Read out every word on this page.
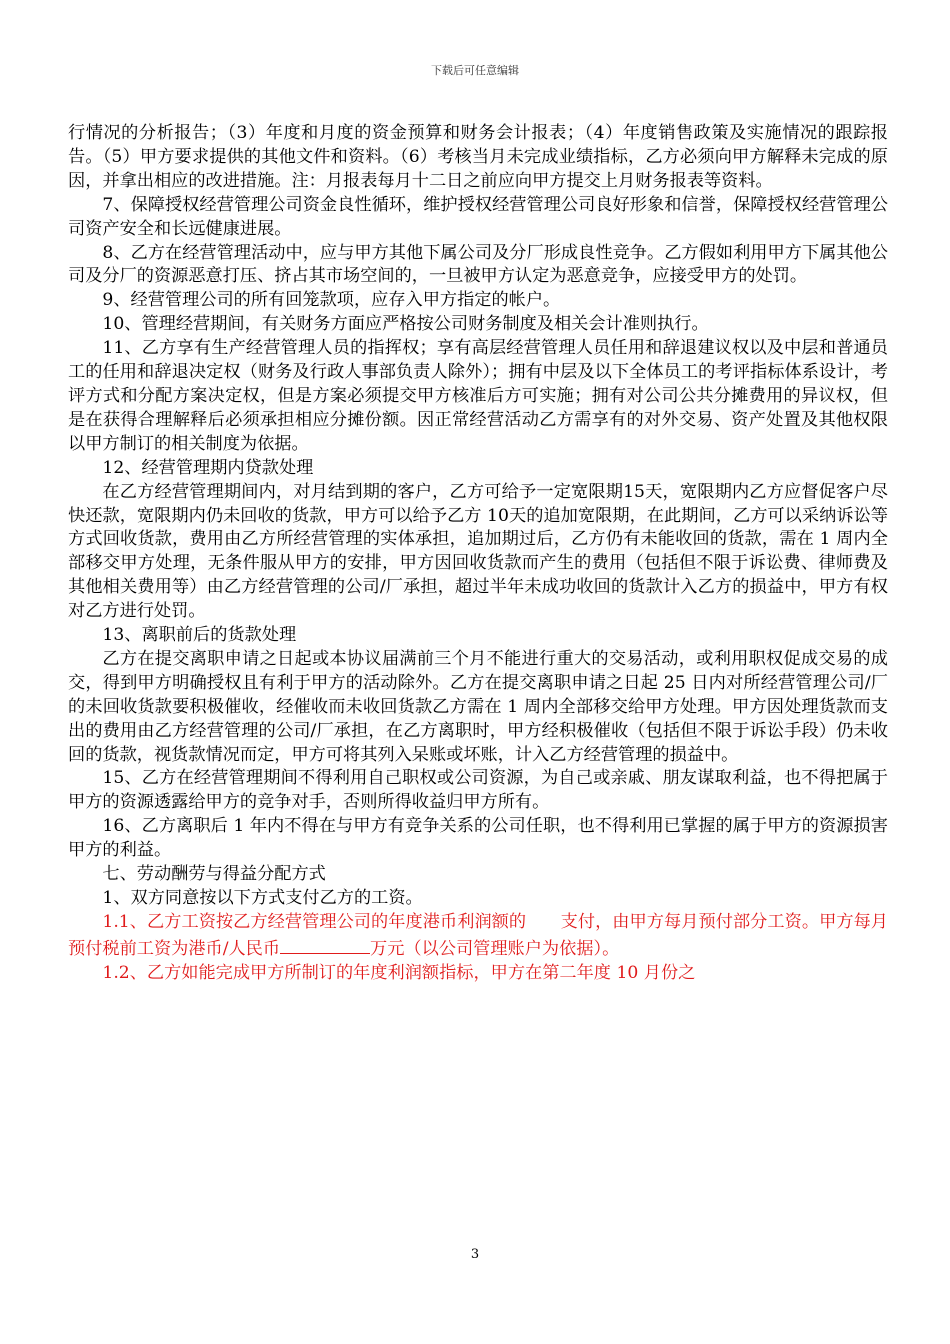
下载后可任意编辑

行情况的分析报告；（3）年度和月度的资金预算和财务会计报表；（4）年度销售政策及实施情况的跟踪报告。（5）甲方要求提供的其他文件和资料。（6）考核当月未完成业绩指标，乙方必须向甲方解释未完成的原因，并拿出相应的改进措施。注：月报表每月十二日之前应向甲方提交上月财务报表等资料。

7、保障授权经营管理公司资金良性循环，维护授权经营管理公司良好形象和信誉，保障授权经营管理公司资产安全和长远健康进展。

8、乙方在经营管理活动中，应与甲方其他下属公司及分厂形成良性竞争。乙方假如利用甲方下属其他公司及分厂的资源恶意打压、挤占其市场空间的，一旦被甲方认定为恶意竞争，应接受甲方的处罚。

9、经营管理公司的所有回笼款项，应存入甲方指定的帐户。

10、管理经营期间，有关财务方面应严格按公司财务制度及相关会计准则执行。

11、乙方享有生产经营管理人员的指挥权；享有高层经营管理人员任用和辞退建议权以及中层和普通员工的任用和辞退决定权（财务及行政人事部负责人除外）；拥有中层及以下全体员工的考评指标体系设计，考评方式和分配方案决定权，但是方案必须提交甲方核准后方可实施；拥有对公司公共分摊费用的异议权，但是在获得合理解释后必须承担相应分摊份额。因正常经营活动乙方需享有的对外交易、资产处置及其他权限以甲方制订的相关制度为依据。

12、经营管理期内贷款处理

在乙方经营管理期间内，对月结到期的客户，乙方可给予一定宽限期15天，宽限期内乙方应督促客户尽快还款，宽限期内仍未回收的货款，甲方可以给予乙方 10天的追加宽限期，在此期间，乙方可以采纳诉讼等方式回收货款，费用由乙方所经营管理的实体承担，追加期过后，乙方仍有未能收回的货款，需在 1 周内全部移交甲方处理，无条件服从甲方的安排，甲方因回收货款而产生的费用（包括但不限于诉讼费、律师费及其他相关费用等）由乙方经营管理的公司/厂承担，超过半年未成功收回的货款计入乙方的损益中，甲方有权对乙方进行处罚。

13、离职前后的货款处理

乙方在提交离职申请之日起或本协议届满前三个月不能进行重大的交易活动，或利用职权促成交易的成交，得到甲方明确授权且有利于甲方的活动除外。乙方在提交离职申请之日起 25 日内对所经营管理公司/厂的未回收货款要积极催收，经催收而未收回货款乙方需在 1 周内全部移交给甲方处理。甲方因处理货款而支出的费用由乙方经营管理的公司/厂承担，在乙方离职时，甲方经积极催收（包括但不限于诉讼手段）仍未收回的货款，视货款情况而定，甲方可将其列入呆账或坏账，计入乙方经营管理的损益中。

15、乙方在经营管理期间不得利用自己职权或公司资源，为自己或亲戚、朋友谋取利益，也不得把属于甲方的资源透露给甲方的竞争对手，否则所得收益归甲方所有。

16、乙方离职后 1 年内不得在与甲方有竞争关系的公司任职，也不得利用已掌握的属于甲方的资源损害甲方的利益。

七、劳动酬劳与得益分配方式

1、双方同意按以下方式支付乙方的工资。

1.1、乙方工资按乙方经营管理公司的年度港币利润额的　　支付，由甲方每月预付部分工资。甲方每月预付税前工资为港币/人民币	万元（以公司管理账户为依据）。

1.2、乙方如能完成甲方所制订的年度利润额指标，甲方在第二年度 10 月份之

3
